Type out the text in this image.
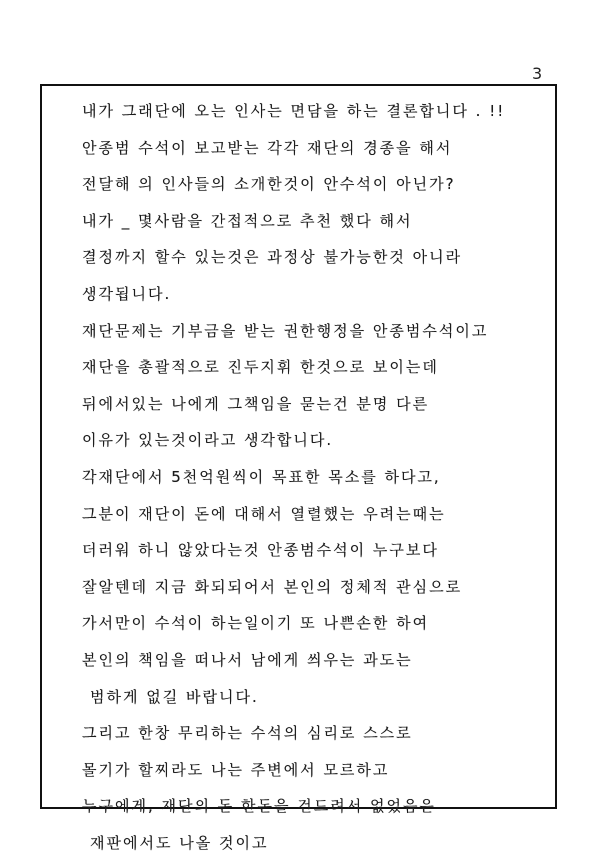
3
내가 그래단에 오는 인사는 면담을 하는 결론합니다 . !!
안종범 수석이 보고받는 각각 재단의 경종을 해서
전달해 의 인사들의 소개한것이 안수석이 아닌가?
내가 _ 몇사람을 간접적으로 추천 했다 해서
결정까지 할수 있는것은 과정상 불가능한것 아니라
생각됩니다.
재단문제는 기부금을 받는 권한행정을 안종범수석이고
재단을 총괄적으로 진두지휘 한것으로 보이는데
뒤에서있는 나에게 그책임을 묻는건 분명 다른
이유가 있는것이라고 생각합니다.
각재단에서 5천억원씩이 목표한 목소를 하다고,
그분이 재단이 돈에 대해서 열렬했는 우려는때는
더러워 하니 않았다는것 안종범수석이 누구보다
잘알텐데 지금 화되되어서 본인의 정체적 관심으로
가서만이 수석이 하는일이기 또 나쁜손한 하여
본인의 책임을 떠나서 남에게 씌우는 과도는
범하게 없길 바랍니다.
그리고 한창 무리하는 수석의 심리로 스스로
몰기가 할찌라도 나는 주변에서 모르하고
누구에게, 재단의 돈 한돈을 건드려서 없었음은
재판에서도 나올 것이고
